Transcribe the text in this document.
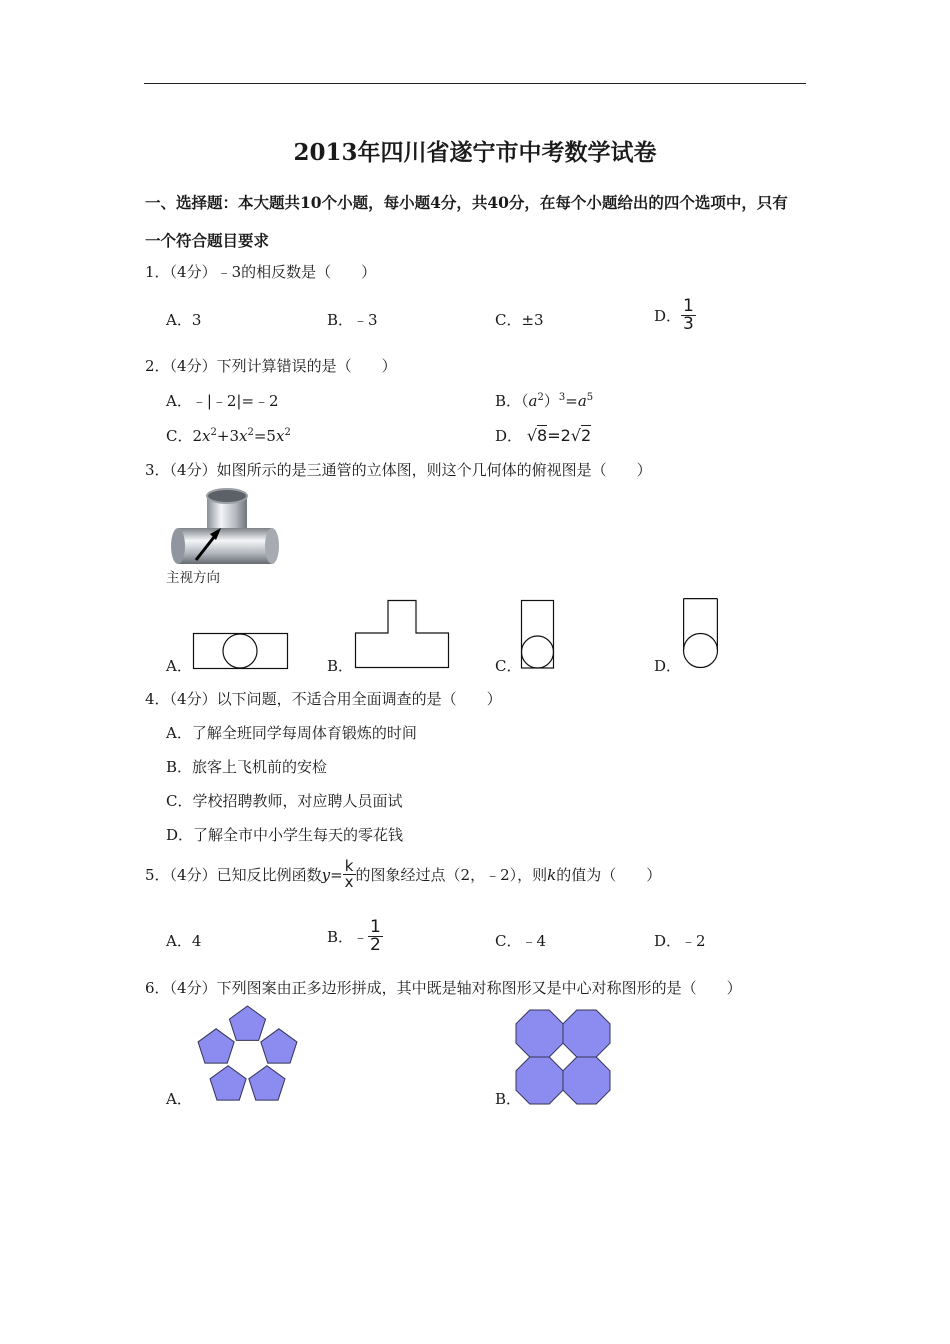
2013年四川省遂宁市中考数学试卷
一、选择题：本大题共10个小题，每小题4分，共40分，在每个小题给出的四个选项中，只有
一个符合题目要求
1．（4分）﹣3的相反数是（　　）
A．3	B．﹣3	C．±3	D． $\frac{1}{3}$
2．（4分）下列计算错误的是（　　）
A．﹣|﹣2|=﹣2	B．$(a^2)^3=a^5$
C．$2x^2+3x^2=5x^2$	D． √8=2√2
3．（4分）如图所示的是三通管的立体图，则这个几何体的俯视图是（　　）
主视方向
A．	B．	C．	D．
4．（4分）以下问题，不适合用全面调查的是（　　）
A．了解全班同学每周体育锻炼的时间
B．旅客上飞机前的安检
C．学校招聘教师，对应聘人员面试
D．了解全市中小学生每天的零花钱
5．（4分）已知反比例函数$y= \frac{k}{x}$ 的图象经过点（2，﹣2），则k的值为（　　）
A．4	B．﹣ $\frac{1}{2}$	C．﹣4	D．﹣2
6．（4分）下列图案由正多边形拼成，其中既是轴对称图形又是中心对称图形的是（　　）
A．	B．
